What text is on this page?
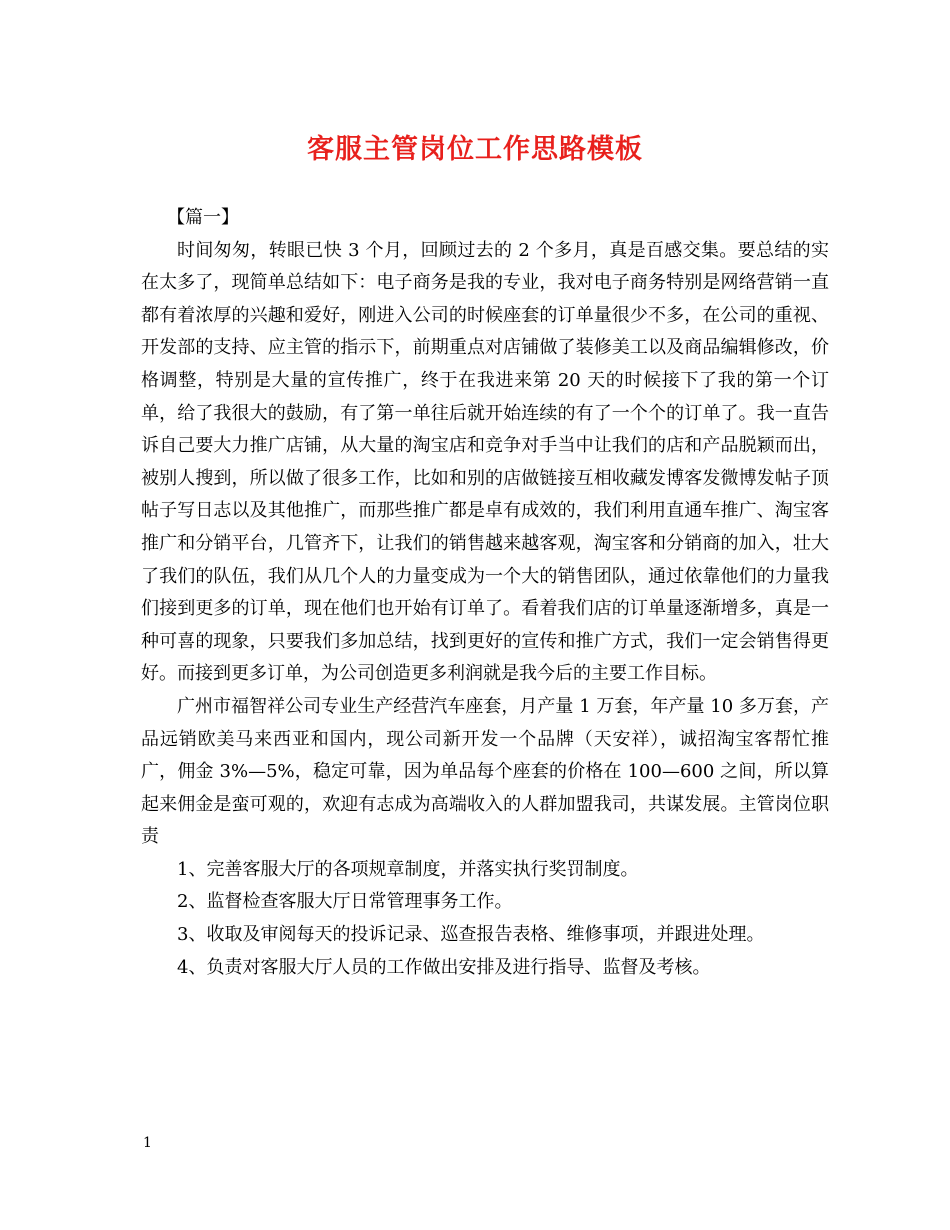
客服主管岗位工作思路模板

【篇一】

时间匆匆，转眼已快 3 个月，回顾过去的 2 个多月，真是百感交集。要总结的实在太多了，现简单总结如下：电子商务是我的专业，我对电子商务特别是网络营销一直都有着浓厚的兴趣和爱好，刚进入公司的时候座套的订单量很少不多，在公司的重视、开发部的支持、应主管的指示下，前期重点对店铺做了装修美工以及商品编辑修改，价格调整，特别是大量的宣传推广，终于在我进来第 20 天的时候接下了我的第一个订单，给了我很大的鼓励，有了第一单往后就开始连续的有了一个个的订单了。我一直告诉自己要大力推广店铺，从大量的淘宝店和竞争对手当中让我们的店和产品脱颖而出，被别人搜到，所以做了很多工作，比如和别的店做链接互相收藏发博客发微博发帖子顶帖子写日志以及其他推广，而那些推广都是卓有成效的，我们利用直通车推广、淘宝客推广和分销平台，几管齐下，让我们的销售越来越客观，淘宝客和分销商的加入，壮大了我们的队伍，我们从几个人的力量变成为一个大的销售团队，通过依靠他们的力量我们接到更多的订单，现在他们也开始有订单了。看着我们店的订单量逐渐增多，真是一种可喜的现象，只要我们多加总结，找到更好的宣传和推广方式，我们一定会销售得更好。而接到更多订单，为公司创造更多利润就是我今后的主要工作目标。

广州市福智祥公司专业生产经营汽车座套，月产量 1 万套，年产量 10 多万套，产品远销欧美马来西亚和国内，现公司新开发一个品牌（天安祥），诚招淘宝客帮忙推广，佣金 3%—5%，稳定可靠，因为单品每个座套的价格在 100—600 之间，所以算起来佣金是蛮可观的，欢迎有志成为高端收入的人群加盟我司，共谋发展。主管岗位职责

1、完善客服大厅的各项规章制度，并落实执行奖罚制度。

2、监督检查客服大厅日常管理事务工作。

3、收取及审阅每天的投诉记录、巡查报告表格、维修事项，并跟进处理。

4、负责对客服大厅人员的工作做出安排及进行指导、监督及考核。

1
